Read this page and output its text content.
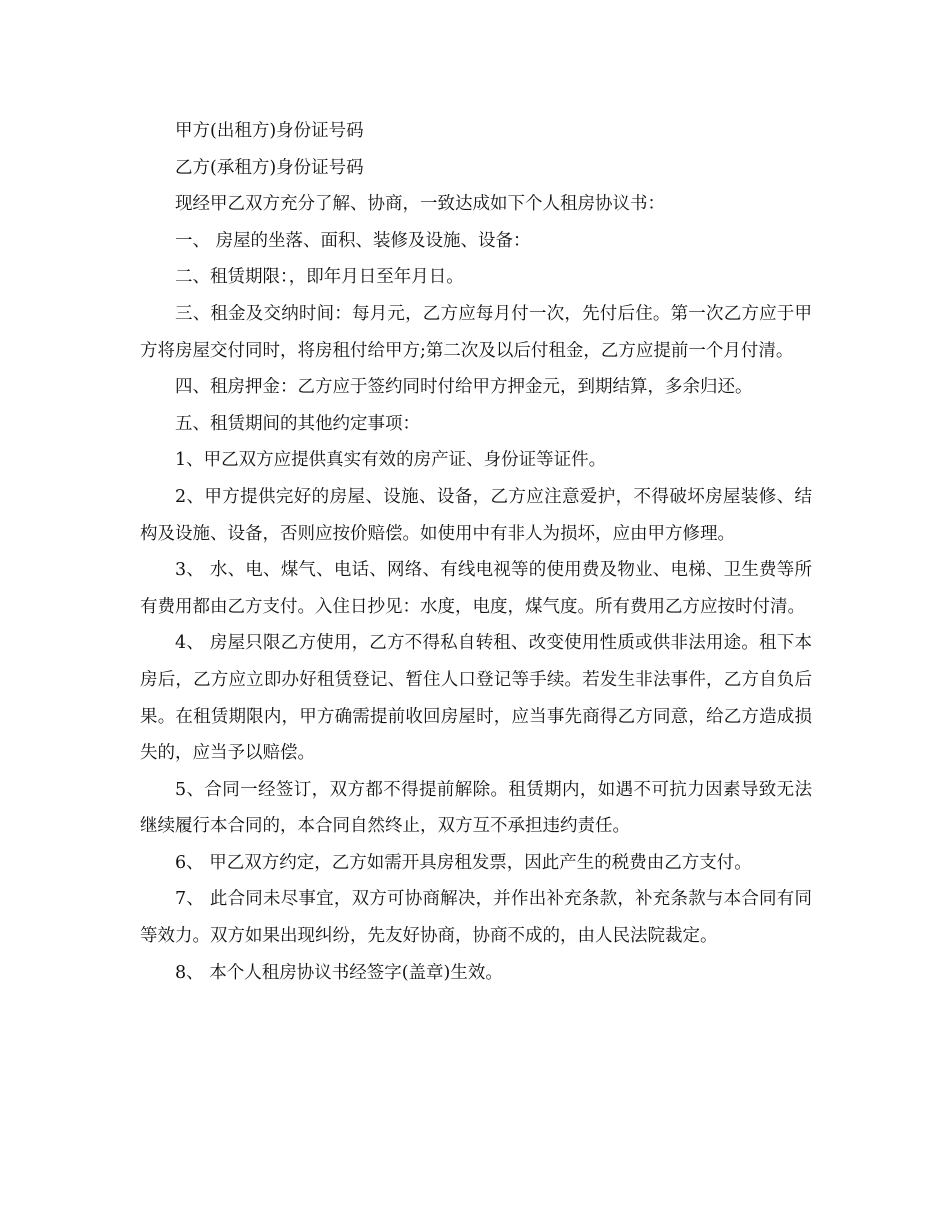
甲方(出租方)身份证号码

乙方(承租方)身份证号码

现经甲乙双方充分了解、协商，一致达成如下个人租房协议书：

一、 房屋的坐落、面积、装修及设施、设备：

二、租赁期限：，即年月日至年月日。

三、租金及交纳时间：每月元，乙方应每月付一次，先付后住。第一次乙方应于甲方将房屋交付同时，将房租付给甲方;第二次及以后付租金，乙方应提前一个月付清。

四、租房押金：乙方应于签约同时付给甲方押金元，到期结算，多余归还。

五、租赁期间的其他约定事项：

1、甲乙双方应提供真实有效的房产证、身份证等证件。

2、甲方提供完好的房屋、设施、设备，乙方应注意爱护，不得破坏房屋装修、结构及设施、设备，否则应按价赔偿。如使用中有非人为损坏，应由甲方修理。

3、 水、电、煤气、电话、网络、有线电视等的使用费及物业、电梯、卫生费等所有费用都由乙方支付。入住日抄见：水度，电度，煤气度。所有费用乙方应按时付清。

4、 房屋只限乙方使用，乙方不得私自转租、改变使用性质或供非法用途。租下本房后，乙方应立即办好租赁登记、暂住人口登记等手续。若发生非法事件，乙方自负后果。在租赁期限内，甲方确需提前收回房屋时，应当事先商得乙方同意，给乙方造成损失的，应当予以赔偿。

5、合同一经签订，双方都不得提前解除。租赁期内，如遇不可抗力因素导致无法继续履行本合同的，本合同自然终止，双方互不承担违约责任。

6、 甲乙双方约定，乙方如需开具房租发票，因此产生的税费由乙方支付。

7、 此合同未尽事宜，双方可协商解决，并作出补充条款，补充条款与本合同有同等效力。双方如果出现纠纷，先友好协商，协商不成的，由人民法院裁定。

8、 本个人租房协议书经签字(盖章)生效。
